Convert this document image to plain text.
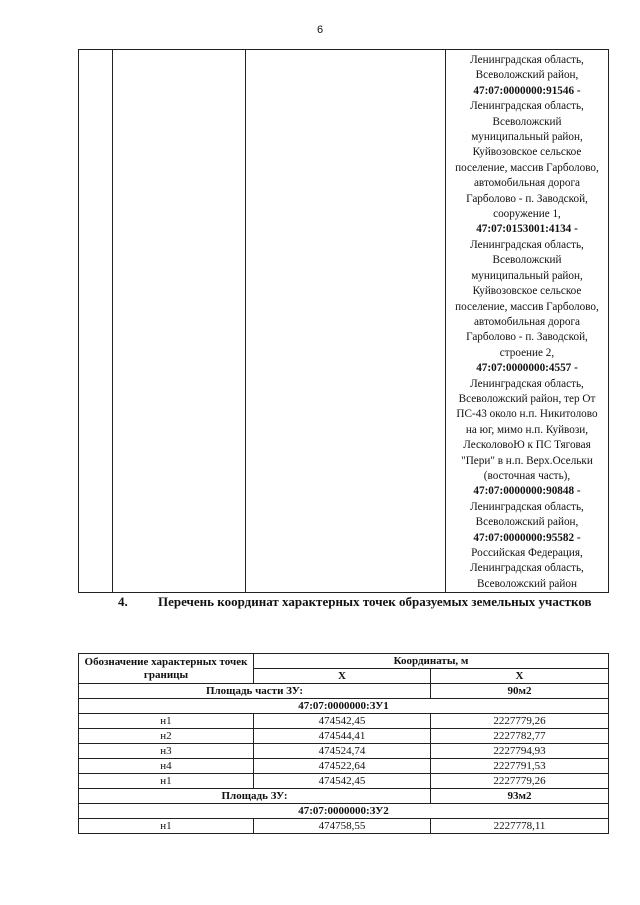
6

Ленинградская область,
Всеволожский район,
47:07:0000000:91546 -
Ленинградская область,
Всеволожский
муниципальный район,
Куйвозовское сельское
поселение, массив Гарболово,
автомобильная дорога
Гарболово - п. Заводской,
сооружение 1,
47:07:0153001:4134 -
Ленинградская область,
Всеволожский
муниципальный район,
Куйвозовское сельское
поселение, массив Гарболово,
автомобильная дорога
Гарболово - п. Заводской,
строение 2,
47:07:0000000:4557 -
Ленинградская область,
Всеволожский район, тер От
ПС-43 около н.п. Никитолово
на юг, мимо н.п. Куйвози,
ЛесколовоЮ к ПС Тяговая
"Пери" в н.п. Верх.Осельки
(восточная часть),
47:07:0000000:90848 -
Ленинградская область,
Всеволожский район,
47:07:0000000:95582 -
Российская Федерация,
Ленинградская область,
Всеволожский район
4. Перечень координат характерных точек образуемых земельных участков
Обозначение характерных точек границы	Координаты, м	
	X	X
Площадь части ЗУ:		90м2
47:07:0000000:ЗУ1		
н1	474542,45	2227779,26
н2	474544,41	2227782,77
н3	474524,74	2227794,93
н4	474522,64	2227791,53
н1	474542,45	2227779,26
Площадь ЗУ:		93м2
47:07:0000000:ЗУ2		
н1	474758,55	2227778,11
